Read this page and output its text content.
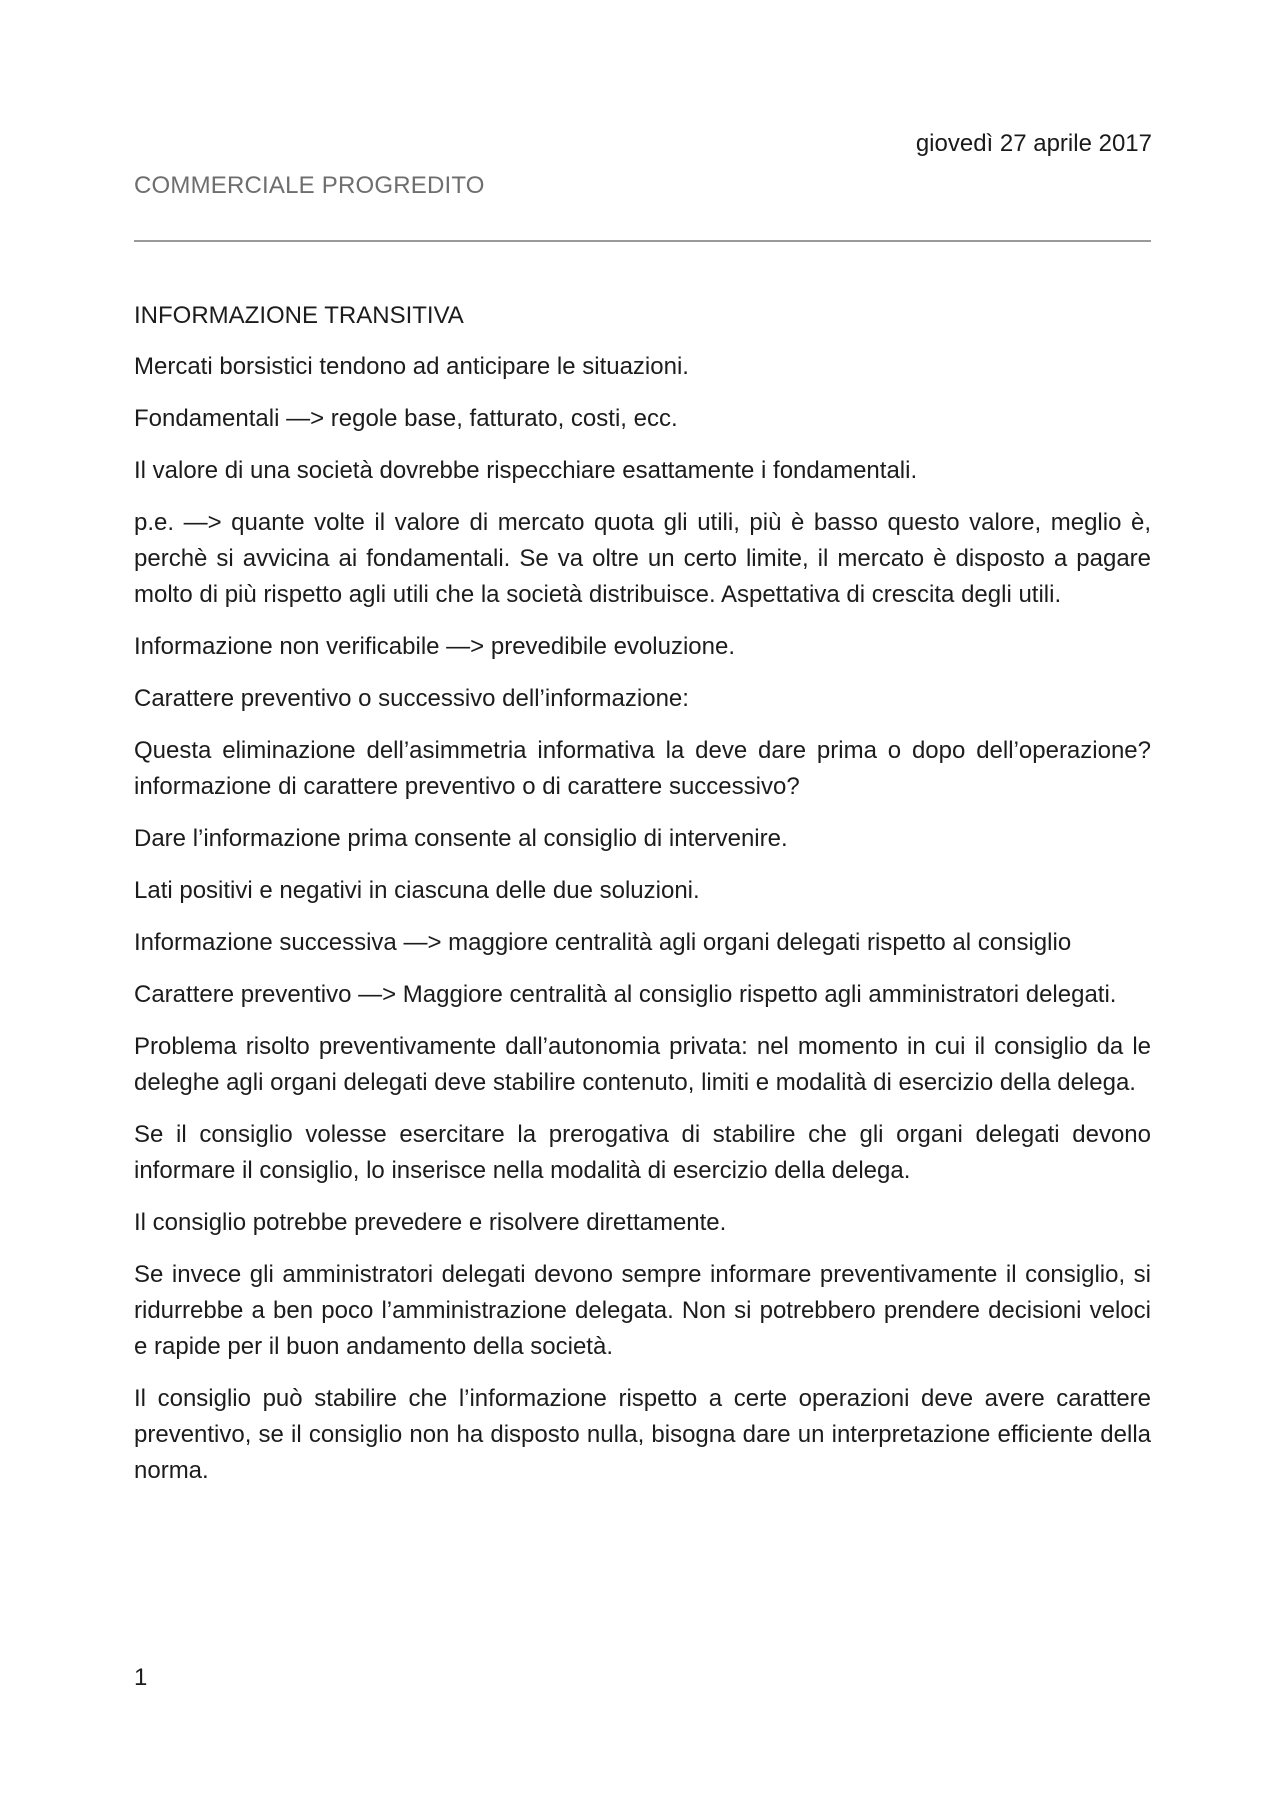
giovedì 27 aprile 2017
COMMERCIALE PROGREDITO
INFORMAZIONE TRANSITIVA

Mercati borsistici tendono ad anticipare le situazioni.

Fondamentali —> regole base, fatturato, costi, ecc.

Il valore di una società dovrebbe rispecchiare esattamente i fondamentali.

p.e. —> quante volte il valore di mercato quota gli utili, più è basso questo valore, meglio è, perchè si avvicina ai fondamentali. Se va oltre un certo limite, il mercato è disposto a pagare molto di più rispetto agli utili che la società distribuisce. Aspettativa di crescita degli utili.

Informazione non verificabile —> prevedibile evoluzione.

Carattere preventivo o successivo dell’informazione:

Questa eliminazione dell’asimmetria informativa la deve dare prima o dopo dell’operazione? informazione di carattere preventivo o di carattere successivo?

Dare l’informazione prima consente al consiglio di intervenire.

Lati positivi e negativi in ciascuna delle due soluzioni.

Informazione successiva —> maggiore centralità agli organi delegati rispetto al consiglio

Carattere preventivo —> Maggiore centralità al consiglio rispetto agli amministratori delegati.

Problema risolto preventivamente dall’autonomia privata: nel momento in cui il consiglio da le deleghe agli organi delegati deve stabilire contenuto, limiti e modalità di esercizio della delega.

Se il consiglio volesse esercitare la prerogativa di stabilire che gli organi delegati devono informare il consiglio, lo inserisce nella modalità di esercizio della delega.

Il consiglio potrebbe prevedere e risolvere direttamente.

Se invece gli amministratori delegati devono sempre informare preventivamente il consiglio, si ridurrebbe a ben poco l’amministrazione delegata. Non si potrebbero prendere decisioni veloci e rapide per il buon andamento della società.

Il consiglio può stabilire che l’informazione rispetto a certe operazioni deve avere carattere preventivo, se il consiglio non ha disposto nulla, bisogna dare un interpretazione efficiente della norma.

1
